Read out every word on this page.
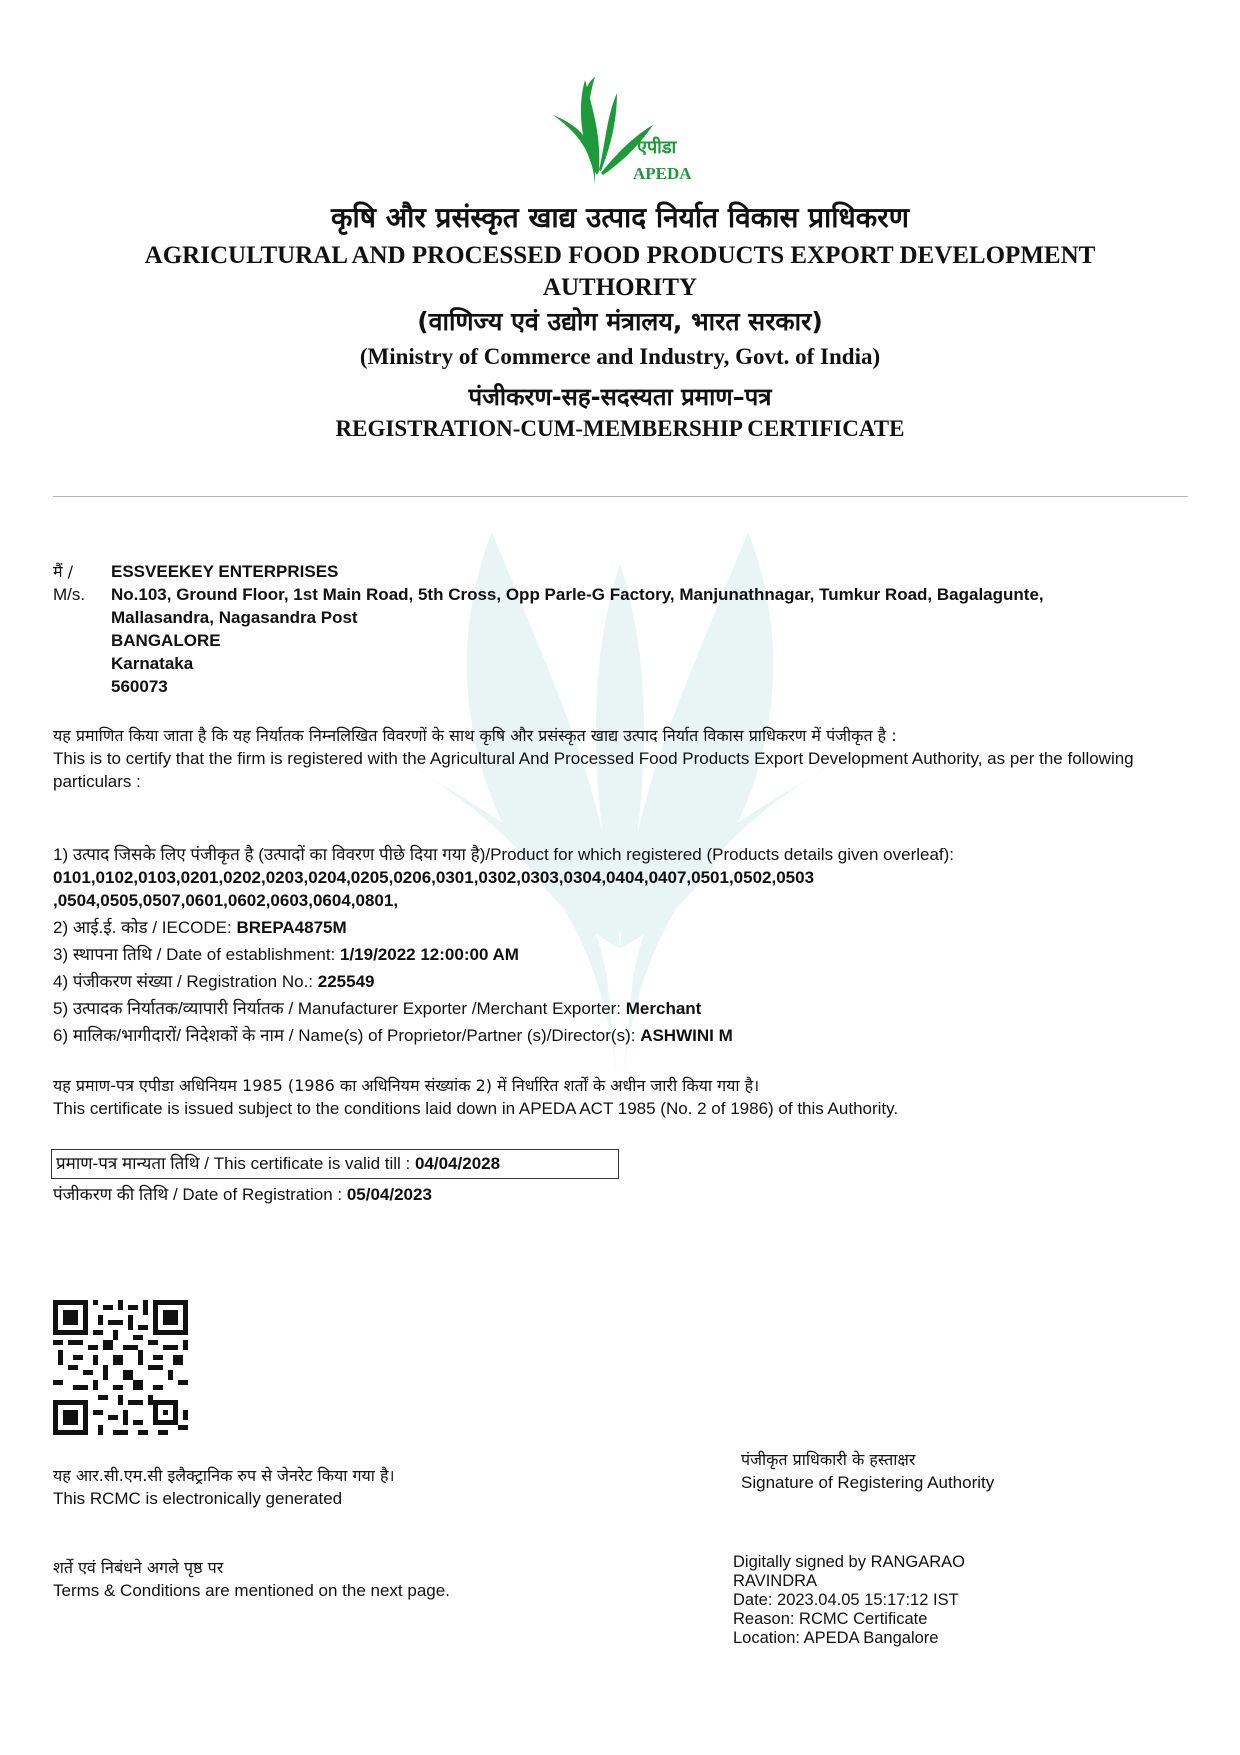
एपीडा
APEDA
कृषि और प्रसंस्कृत खाद्य उत्पाद निर्यात विकास प्राधिकरण
AGRICULTURAL AND PROCESSED FOOD PRODUCTS EXPORT DEVELOPMENT AUTHORITY
(वाणिज्य एवं उद्योग मंत्रालय, भारत सरकार)
(Ministry of Commerce and Industry, Govt. of India)
पंजीकरण-सह-सदस्यता प्रमाण–पत्र
REGISTRATION-CUM-MEMBERSHIP CERTIFICATE
मैं /
M/s.
ESSVEEKEY ENTERPRISES
No.103, Ground Floor, 1st Main Road, 5th Cross, Opp Parle-G Factory, Manjunathnagar, Tumkur Road, Bagalagunte,
Mallasandra, Nagasandra Post
BANGALORE
Karnataka
560073
यह प्रमाणित किया जाता है कि यह निर्यातक निम्नलिखित विवरणों के साथ कृषि और प्रसंस्कृत खाद्य उत्पाद निर्यात विकास प्राधिकरण में पंजीकृत है :
This is to certify that the firm is registered with the Agricultural And Processed Food Products Export Development Authority, as per the following particulars :
1) उत्पाद जिसके लिए पंजीकृत है (उत्पादों का विवरण पीछे दिया गया है)/Product for which registered (Products details given overleaf):
0101,0102,0103,0201,0202,0203,0204,0205,0206,0301,0302,0303,0304,0404,0407,0501,0502,0503
,0504,0505,0507,0601,0602,0603,0604,0801,
2) आई.ई. कोड / IECODE: BREPA4875M
3) स्थापना तिथि / Date of establishment: 1/19/2022 12:00:00 AM
4) पंजीकरण संख्या / Registration No.: 225549
5) उत्पादक निर्यातक/व्यापारी निर्यातक / Manufacturer Exporter /Merchant Exporter: Merchant
6) मालिक/भागीदारों/ निदेशकों के नाम / Name(s) of Proprietor/Partner (s)/Director(s): ASHWINI M
यह प्रमाण-पत्र एपीडा अधिनियम 1985 (1986 का अधिनियम संख्यांक 2) में निर्धारित शर्तों के अधीन जारी किया गया है।
This certificate is issued subject to the conditions laid down in APEDA ACT 1985 (No. 2 of 1986) of this Authority.
प्रमाण-पत्र मान्यता तिथि / This certificate is valid till : 04/04/2028
पंजीकरण की तिथि / Date of Registration : 05/04/2023
यह आर.सी.एम.सी इलैक्ट्रानिक रुप से जेनरेट किया गया है।
This RCMC is electronically generated
पंजीकृत प्राधिकारी के हस्ताक्षर
Signature of Registering Authority
शर्ते एवं निबंधने अगले पृष्ठ पर
Terms & Conditions are mentioned on the next page.
Digitally signed by RANGARAO
RAVINDRA
Date: 2023.04.05 15:17:12 IST
Reason: RCMC Certificate
Location: APEDA Bangalore
